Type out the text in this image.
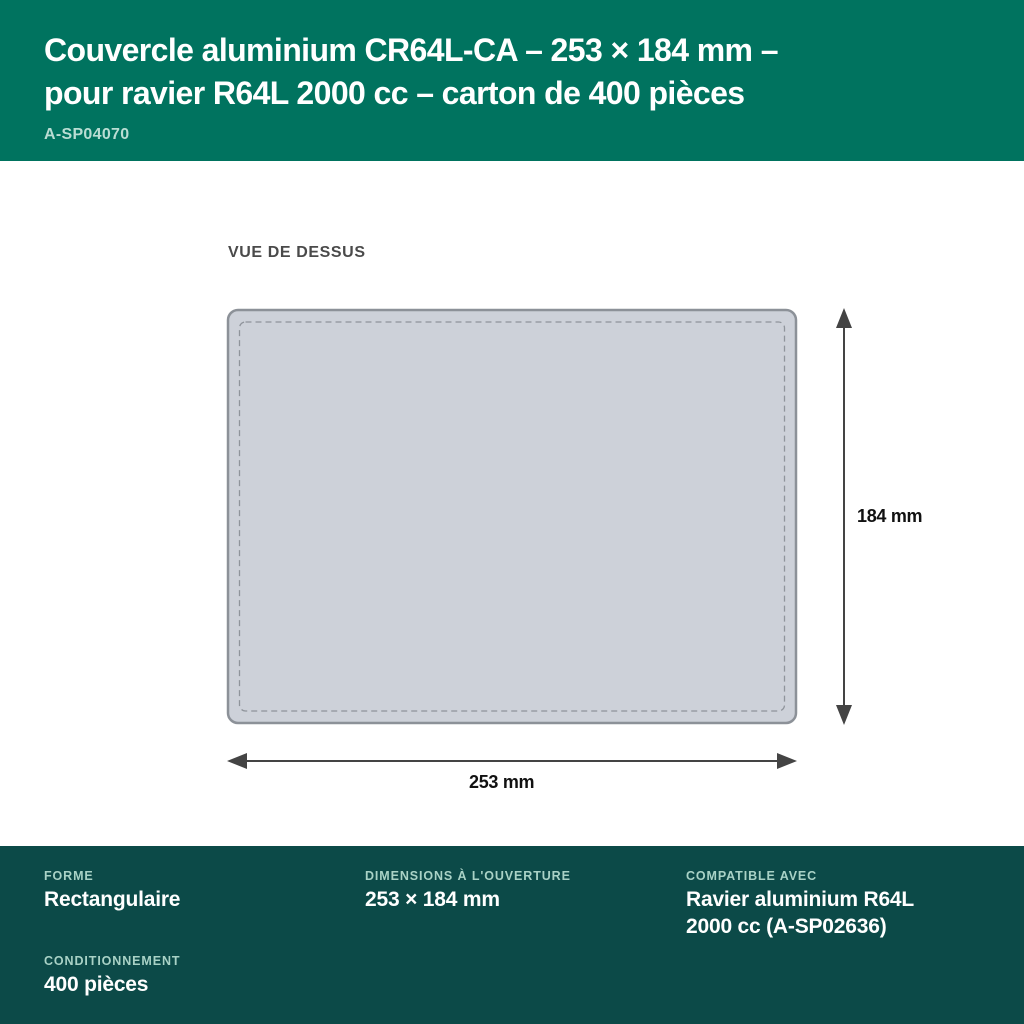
Couvercle aluminium CR64L-CA – 253 × 184 mm –
pour ravier R64L 2000 cc – carton de 400 pièces
A-SP04070
VUE DE DESSUS
184 mm
253 mm
FORME
Rectangulaire
DIMENSIONS À L'OUVERTURE
253 × 184 mm
COMPATIBLE AVEC
Ravier aluminium R64L
2000 cc (A-SP02636)
CONDITIONNEMENT
400 pièces
